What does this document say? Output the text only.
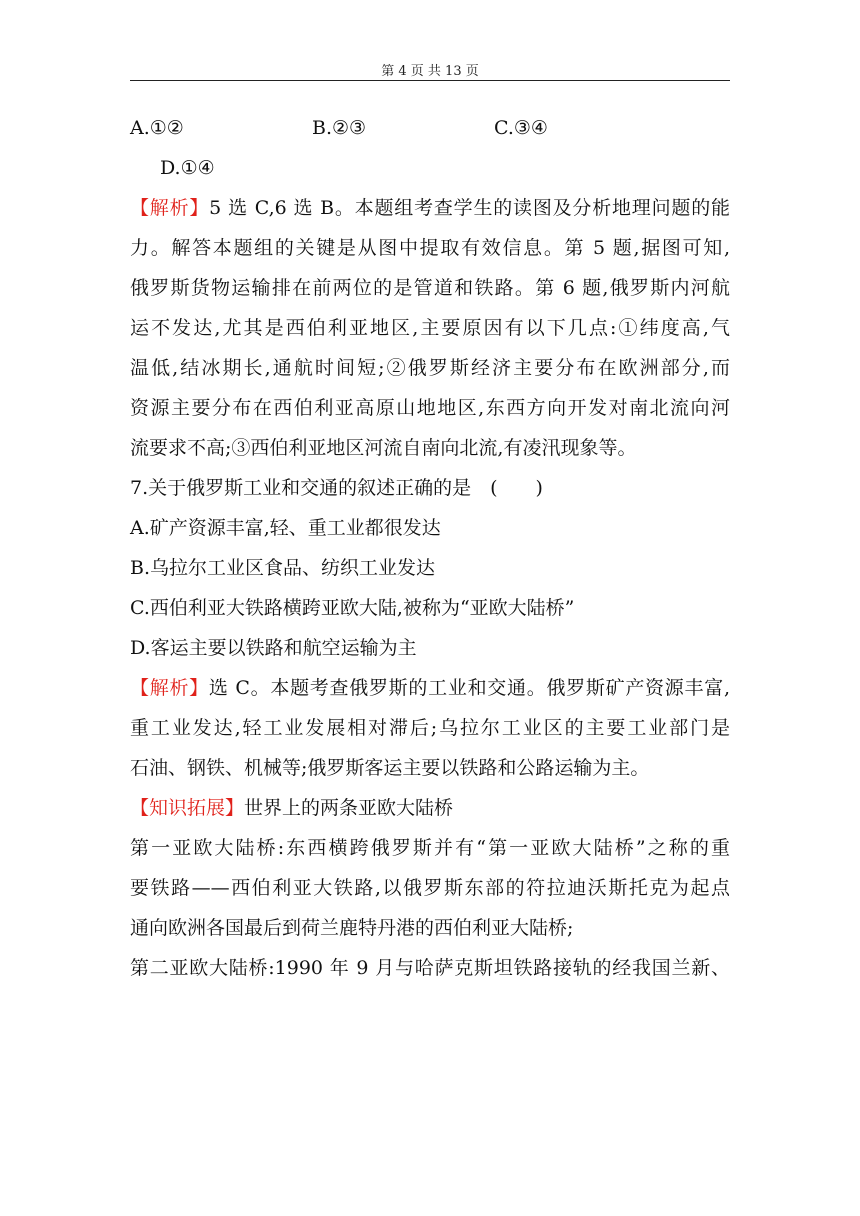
第 4 页 共 13 页
A.①②	B.②③	C.③④
D.①④
【解析】5 选 C,6 选 B。本题组考查学生的读图及分析地理问题的能
力。解答本题组的关键是从图中提取有效信息。第 5 题,据图可知,
俄罗斯货物运输排在前两位的是管道和铁路。第 6 题,俄罗斯内河航
运不发达,尤其是西伯利亚地区,主要原因有以下几点:①纬度高,气
温低,结冰期长,通航时间短;②俄罗斯经济主要分布在欧洲部分,而
资源主要分布在西伯利亚高原山地地区,东西方向开发对南北流向河
流要求不高;③西伯利亚地区河流自南向北流,有凌汛现象等。
7.关于俄罗斯工业和交通的叙述正确的是　(　　)
A.矿产资源丰富,轻、重工业都很发达
B.乌拉尔工业区食品、纺织工业发达
C.西伯利亚大铁路横跨亚欧大陆,被称为“亚欧大陆桥”
D.客运主要以铁路和航空运输为主
【解析】选 C。本题考查俄罗斯的工业和交通。俄罗斯矿产资源丰富,
重工业发达,轻工业发展相对滞后;乌拉尔工业区的主要工业部门是
石油、钢铁、机械等;俄罗斯客运主要以铁路和公路运输为主。
【知识拓展】世界上的两条亚欧大陆桥
第一亚欧大陆桥:东西横跨俄罗斯并有“第一亚欧大陆桥”之称的重
要铁路——西伯利亚大铁路,以俄罗斯东部的符拉迪沃斯托克为起点
通向欧洲各国最后到荷兰鹿特丹港的西伯利亚大陆桥;
第二亚欧大陆桥:1990 年 9 月与哈萨克斯坦铁路接轨的经我国兰新、
